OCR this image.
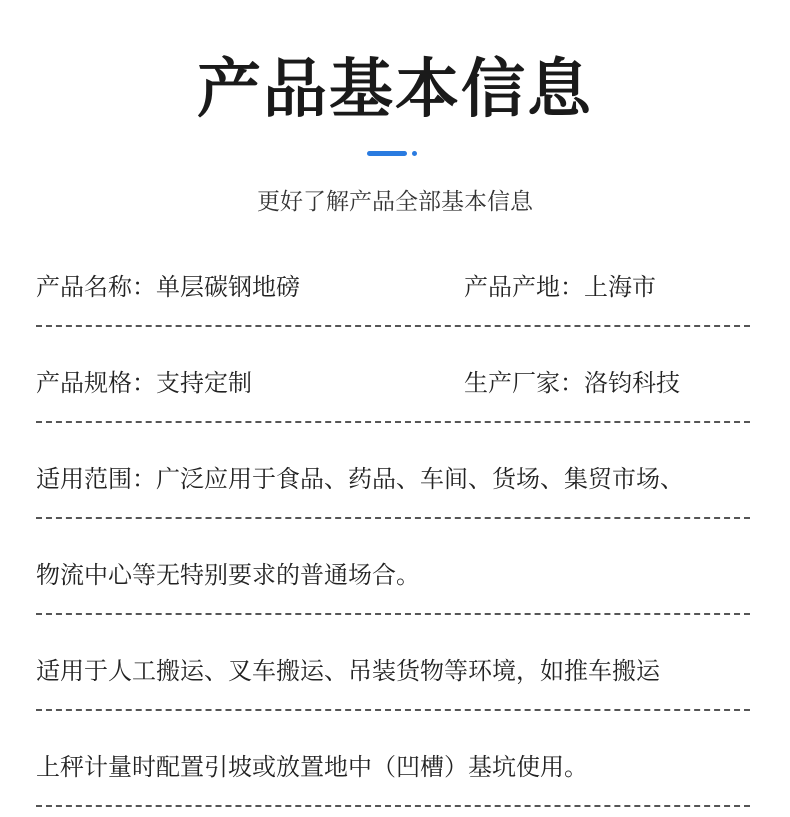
产品基本信息
更好了解产品全部基本信息
产品名称：单层碳钢地磅	产品产地：上海市
产品规格：支持定制	生产厂家：洛钧科技
适用范围：广泛应用于食品、药品、车间、货场、集贸市场、
物流中心等无特别要求的普通场合。
适用于人工搬运、叉车搬运、吊装货物等环境，如推车搬运
上秤计量时配置引坡或放置地中（凹槽）基坑使用。
